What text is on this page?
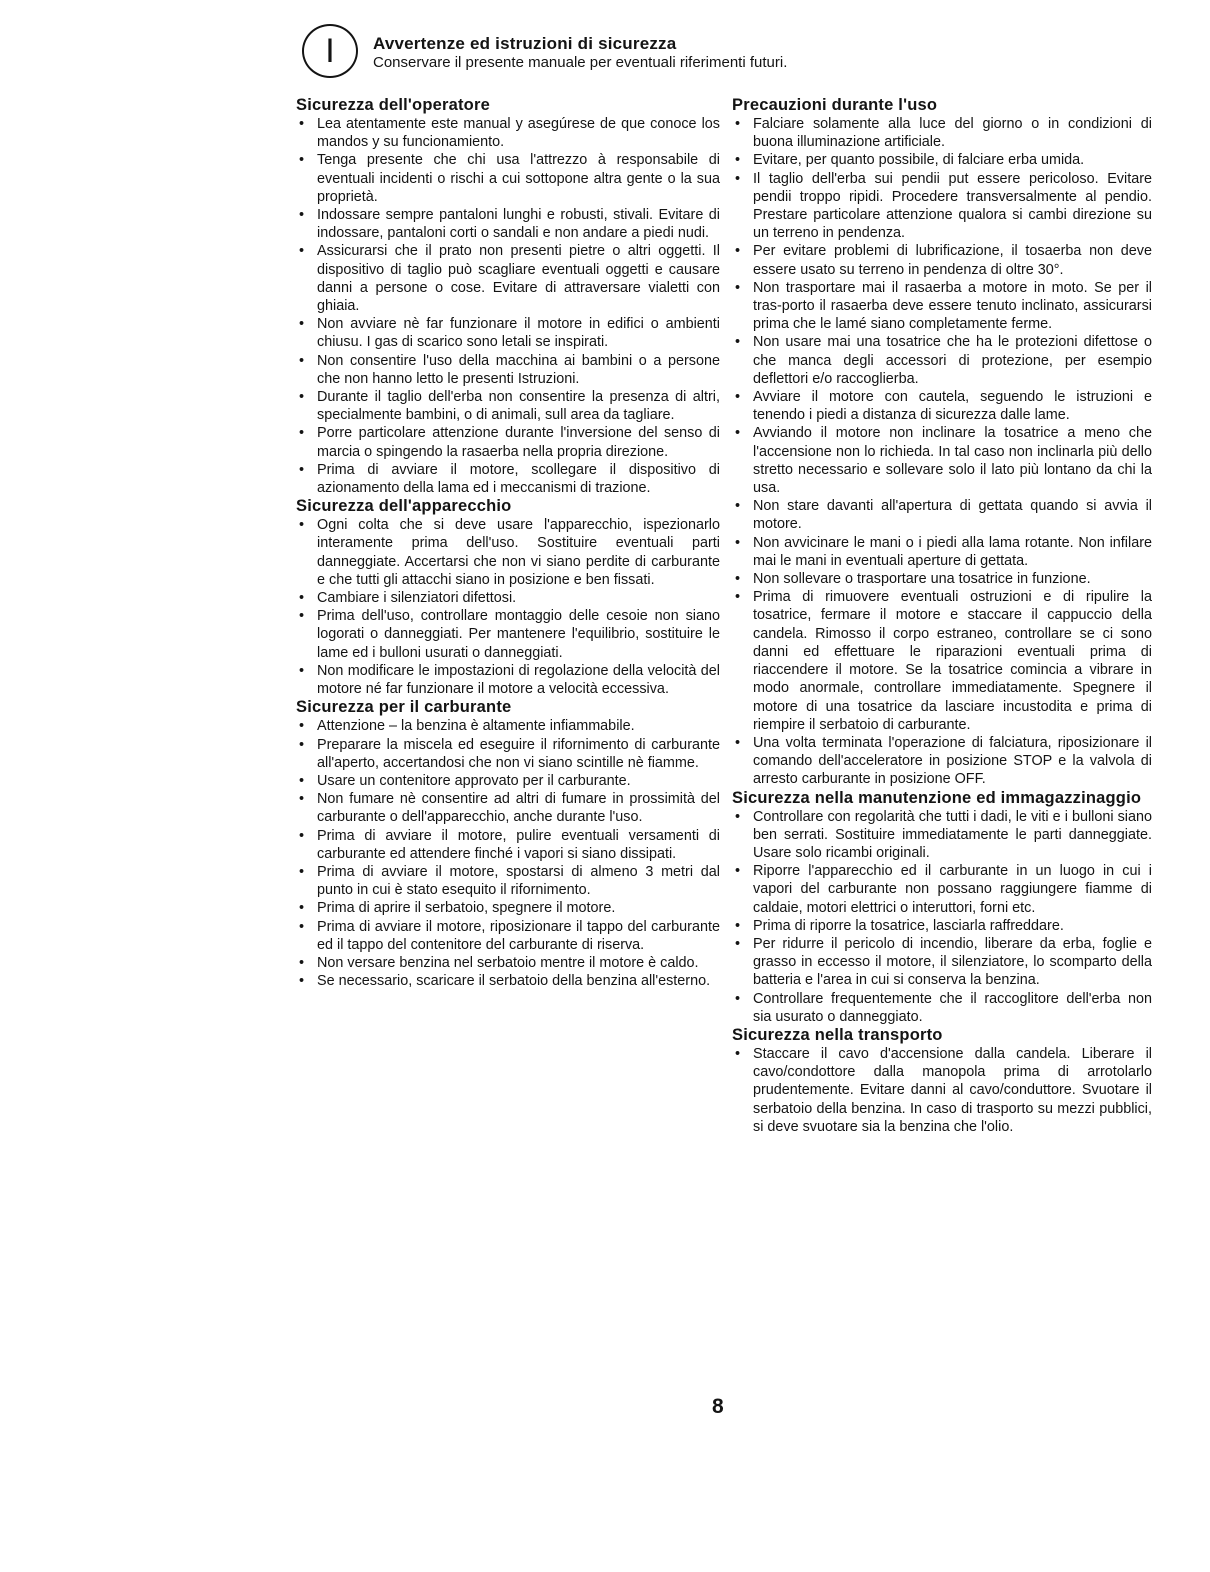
I	Avvertenze ed istruzioni di sicurezza
Conservare il presente manuale per eventuali riferimenti futuri.
Sicurezza dell'operatore
• Lea atentamente este manual y asegúrese de que conoce los mandos y su funcionamiento.
• Tenga presente che chi usa l'attrezzo à responsabile di eventuali incidenti o rischi a cui sottopone altra gente o la sua proprietà.
• Indossare sempre pantaloni lunghi e robusti, stivali. Evitare di indossare, pantaloni corti o sandali e non andare a piedi nudi.
• Assicurarsi che il prato non presenti pietre o altri oggetti. Il dispositivo di taglio può scagliare eventuali oggetti e causare danni a persone o cose. Evitare di attraversare vialetti con ghiaia.
• Non avviare nè far funzionare il motore in edifici o ambienti chiusu. I gas di scarico sono letali se inspirati.
• Non consentire l'uso della macchina ai bambini o a persone che non hanno letto le presenti Istruzioni.
• Durante il taglio dell'erba non consentire la presenza di altri, specialmente bambini, o di animali, sull area da tagliare.
• Porre particolare attenzione durante l'inversione del senso di marcia o spingendo la rasaerba nella propria direzione.
• Prima di avviare il motore, scollegare il dispositivo di azionamento della lama ed i meccanismi di trazione.
Sicurezza dell'apparecchio
• Ogni colta che si deve usare l'apparecchio, ispezionarlo interamente prima dell'uso. Sostituire eventuali parti danneggiate. Accertarsi che non vi siano perdite di carburante e che tutti gli attacchi siano in posizione e ben fissati.
• Cambiare i silenziatori difettosi.
• Prima dell'uso, controllare montaggio delle cesoie non siano logorati o danneggiati. Per mantenere l'equilibrio, sostituire le lame ed i bulloni usurati o danneggiati.
• Non modificare le impostazioni di regolazione della velocità del motore né far funzionare il motore a velocità eccessiva.
Sicurezza per il carburante
• Attenzione – la benzina è altamente infiammabile.
• Preparare la miscela ed eseguire il rifornimento di carburante all'aperto, accertandosi che non vi siano scintille nè fiamme.
• Usare un contenitore approvato per il carburante.
• Non fumare nè consentire ad altri di fumare in prossimità del carburante o dell'apparecchio, anche durante l'uso.
• Prima di avviare il motore, pulire eventuali versamenti di carburante ed attendere finché i vapori si siano dissipati.
• Prima di avviare il motore, spostarsi di almeno 3 metri dal punto in cui è stato esequito il rifornimento.
• Prima di aprire il serbatoio, spegnere il motore.
• Prima di avviare il motore, riposizionare il tappo del carburante ed il tappo del contenitore del carburante di riserva.
• Non versare benzina nel serbatoio mentre il motore è caldo.
• Se necessario, scaricare il serbatoio della benzina all'esterno.
Precauzioni durante l'uso
• Falciare solamente alla luce del giorno o in condizioni di buona illuminazione artificiale.
• Evitare, per quanto possibile, di falciare erba umida.
• Il taglio dell'erba sui pendii put essere pericoloso. Evitare pendii troppo ripidi. Procedere transversalmente al pendio. Prestare particolare attenzione qualora si cambi direzione su un terreno in pendenza.
• Per evitare problemi di lubrificazione, il tosaerba non deve essere usato su terreno in pendenza di oltre 30°.
• Non trasportare mai il rasaerba a motore in moto. Se per il tras-porto il rasaerba deve essere tenuto inclinato, assicurarsi prima che le lamé siano completamente ferme.
• Non usare mai una tosatrice che ha le protezioni difettose o che manca degli accessori di protezione, per esempio deflettori e/o raccoglierba.
• Avviare il motore con cautela, seguendo le istruzioni e tenendo i piedi a distanza di sicurezza dalle lame.
• Avviando il motore non inclinare la tosatrice a meno che l'accensione non lo richieda. In tal caso non inclinarla più dello stretto necessario e sollevare solo il lato più lontano da chi la usa.
• Non stare davanti all'apertura di gettata quando si avvia il motore.
• Non avvicinare le mani o i piedi alla lama rotante. Non infilare mai le mani in eventuali aperture di gettata.
• Non sollevare o trasportare una tosatrice in funzione.
• Prima di rimuovere eventuali ostruzioni e di ripulire la tosatrice, fermare il motore e staccare il cappuccio della candela. Rimosso il corpo estraneo, controllare se ci sono danni ed effettuare le riparazioni eventuali prima di riaccendere il motore. Se la tosatrice comincia a vibrare in modo anormale, controllare immediatamente. Spegnere il motore di una tosatrice da lasciare incustodita e prima di riempire il serbatoio di carburante.
• Una volta terminata l'operazione di falciatura, riposizionare il comando dell'acceleratore in posizione STOP e la valvola di arresto carburante in posizione OFF.
Sicurezza nella manutenzione ed immagazzinaggio
• Controllare con regolarità che tutti i dadi, le viti e i bulloni siano ben serrati. Sostituire immediatamente le parti danneggiate. Usare solo ricambi originali.
• Riporre l'apparecchio ed il carburante in un luogo in cui i vapori del carburante non possano raggiungere fiamme di caldaie, motori elettrici o interuttori, forni etc.
• Prima di riporre la tosatrice, lasciarla raffreddare.
• Per ridurre il pericolo di incendio, liberare da erba, foglie e grasso in eccesso il motore, il silenziatore, lo scomparto della batteria e l'area in cui si conserva la benzina.
• Controllare frequentemente che il raccoglitore dell'erba non sia usurato o danneggiato.
Sicurezza nella transporto
• Staccare il cavo d'accensione dalla candela. Liberare il cavo/condottore dalla manopola prima di arrotolarlo prudentemente. Evitare danni al cavo/conduttore. Svuotare il serbatoio della benzina. In caso di trasporto su mezzi pubblici, si deve svuotare sia la benzina che l'olio.
8
